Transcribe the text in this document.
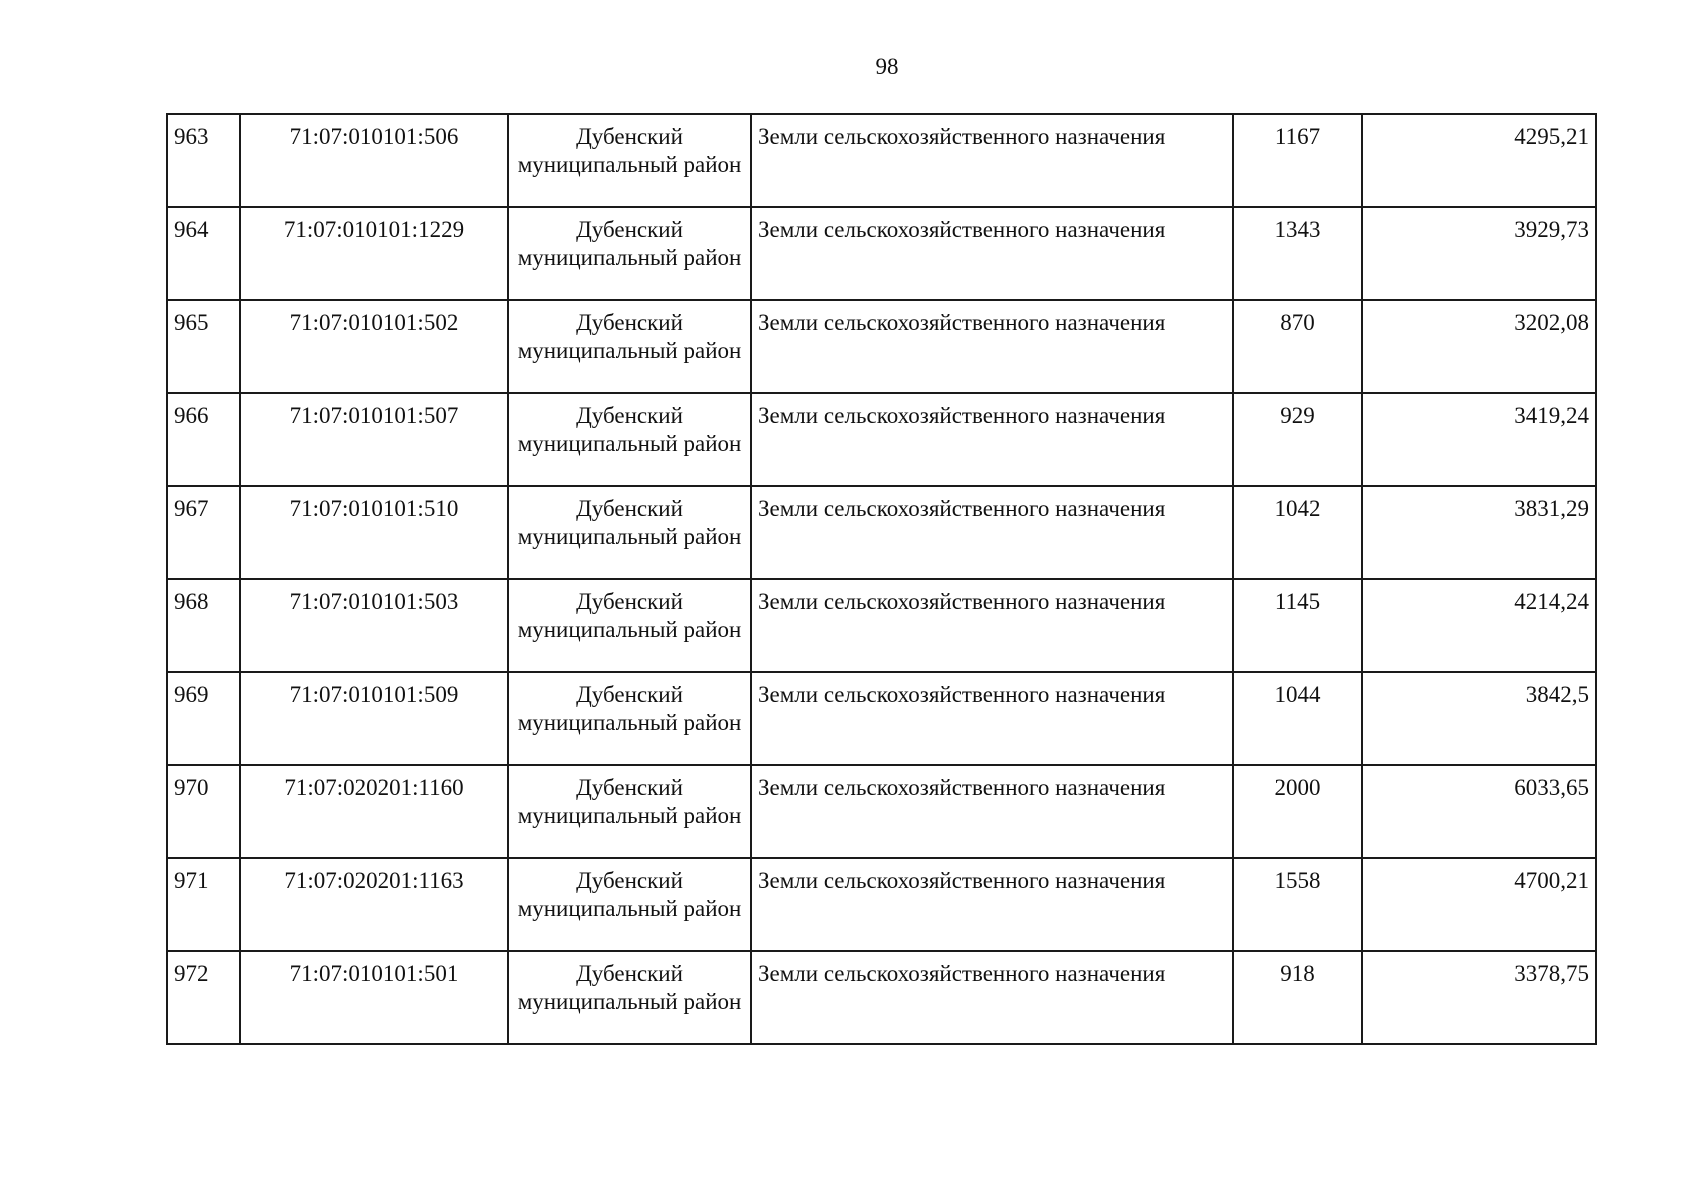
98
963	71:07:010101:506	Дубенский муниципальный район	Земли сельскохозяйственного назначения	1167	4295,21
964	71:07:010101:1229	Дубенский муниципальный район	Земли сельскохозяйственного назначения	1343	3929,73
965	71:07:010101:502	Дубенский муниципальный район	Земли сельскохозяйственного назначения	870	3202,08
966	71:07:010101:507	Дубенский муниципальный район	Земли сельскохозяйственного назначения	929	3419,24
967	71:07:010101:510	Дубенский муниципальный район	Земли сельскохозяйственного назначения	1042	3831,29
968	71:07:010101:503	Дубенский муниципальный район	Земли сельскохозяйственного назначения	1145	4214,24
969	71:07:010101:509	Дубенский муниципальный район	Земли сельскохозяйственного назначения	1044	3842,5
970	71:07:020201:1160	Дубенский муниципальный район	Земли сельскохозяйственного назначения	2000	6033,65
971	71:07:020201:1163	Дубенский муниципальный район	Земли сельскохозяйственного назначения	1558	4700,21
972	71:07:010101:501	Дубенский муниципальный район	Земли сельскохозяйственного назначения	918	3378,75
